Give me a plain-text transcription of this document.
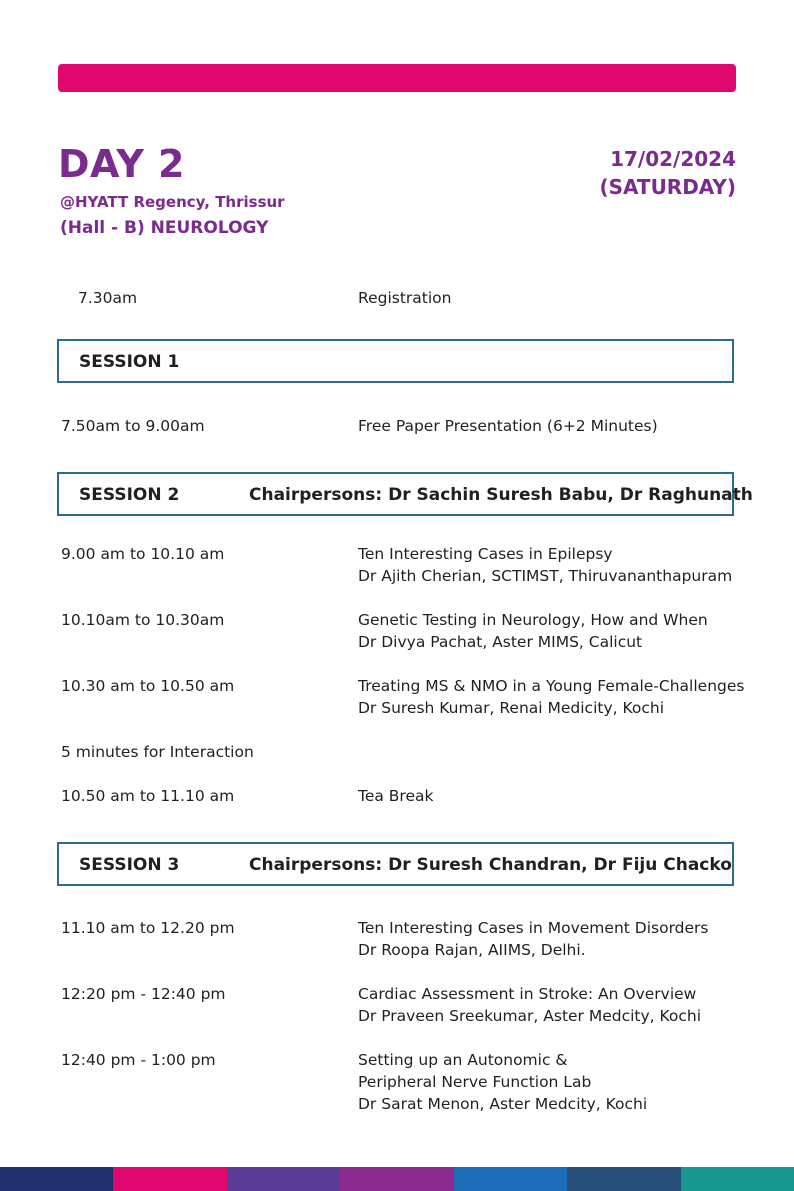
DAY 2
@HYATT Regency, Thrissur
(Hall - B) NEUROLOGY
17/02/2024
(SATURDAY)
7.30am	Registration
SESSION 1
7.50am to 9.00am	Free Paper Presentation (6+2 Minutes)
SESSION 2	Chairpersons: Dr Sachin Suresh Babu, Dr Raghunath
9.00 am to 10.10 am	Ten Interesting Cases in Epilepsy
Dr Ajith Cherian, SCTIMST, Thiruvananthapuram
10.10am to 10.30am	Genetic Testing in Neurology, How and When
Dr Divya Pachat, Aster MIMS, Calicut
10.30 am to 10.50 am	Treating MS & NMO in a Young Female-Challenges
Dr Suresh Kumar, Renai Medicity, Kochi
5 minutes for Interaction
10.50 am to 11.10 am	Tea Break
SESSION 3	Chairpersons: Dr Suresh Chandran, Dr Fiju Chacko
11.10 am to 12.20 pm	Ten Interesting Cases in Movement Disorders
Dr Roopa Rajan, AIIMS, Delhi.
12:20 pm - 12:40 pm	Cardiac Assessment in Stroke: An Overview
Dr Praveen Sreekumar, Aster Medcity, Kochi
12:40 pm - 1:00 pm	Setting up an Autonomic &
Peripheral Nerve Function Lab
Dr Sarat Menon, Aster Medcity, Kochi
